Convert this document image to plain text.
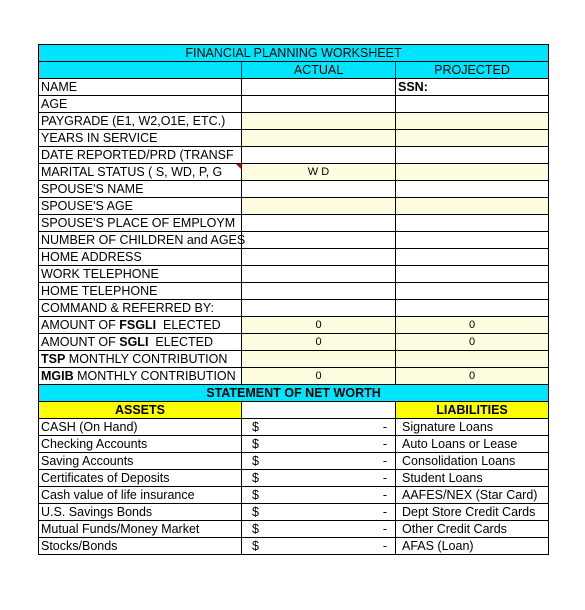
FINANCIAL PLANNING WORKSHEET		
	ACTUAL	PROJECTED
NAME		SSN:
AGE		
PAYGRADE (E1, W2,O1E, ETC.)		
YEARS IN SERVICE		
DATE REPORTED/PRD (TRANSF		
MARITAL STATUS ( S, WD, P, G	W D	
SPOUSE'S NAME		
SPOUSE'S AGE		
SPOUSE'S PLACE OF EMPLOYM		
NUMBER OF CHILDREN and AGES		
HOME ADDRESS		
WORK TELEPHONE		
HOME TELEPHONE		
COMMAND & REFERRED BY:		
AMOUNT OF FSGLI  ELECTED	0	0
AMOUNT OF SGLI  ELECTED	0	0
TSP MONTHLY CONTRIBUTION		
MGIB MONTHLY CONTRIBUTION	0	0
STATEMENT OF NET WORTH		
ASSETS		LIABILITIES
CASH (On Hand)	$ -	Signature Loans
Checking Accounts	$ -	Auto Loans or Lease
Saving Accounts	$ -	Consolidation Loans
Certificates of Deposits	$ -	Student Loans
Cash value of life insurance	$ -	AAFES/NEX (Star Card)
U.S. Savings Bonds	$ -	Dept Store Credit Cards
Mutual Funds/Money Market	$ -	Other Credit Cards
Stocks/Bonds	$ -	AFAS (Loan)
